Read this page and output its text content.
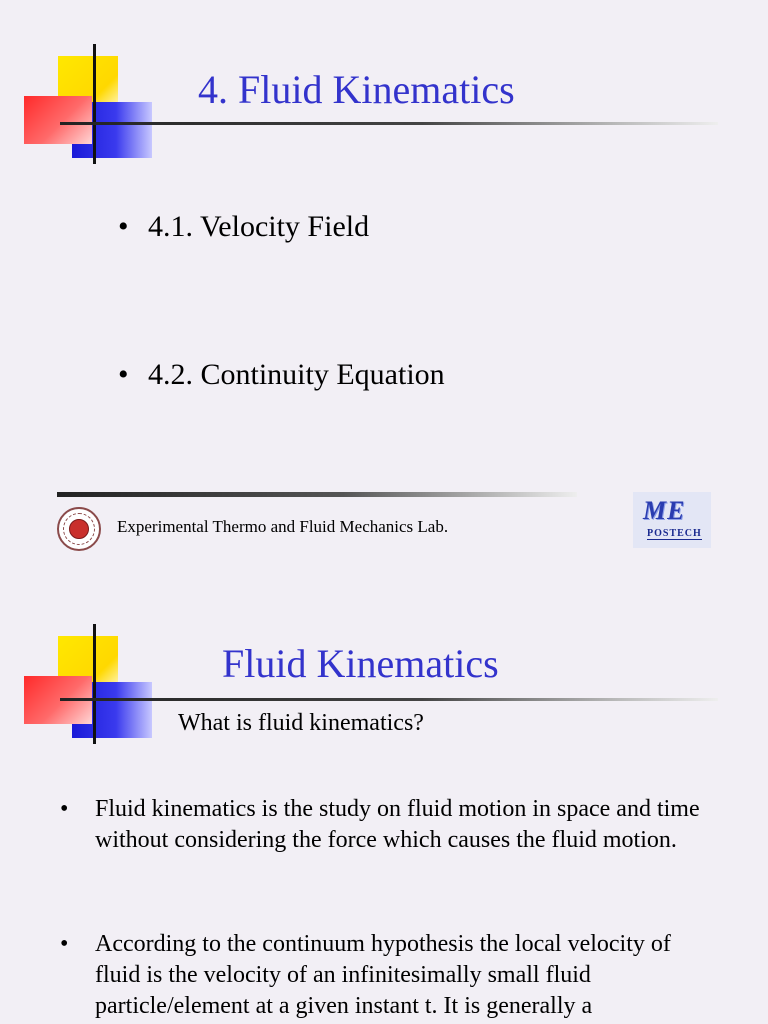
4. Fluid Kinematics
• 4.1. Velocity Field
• 4.2. Continuity Equation
Experimental Thermo and Fluid Mechanics Lab.
ME
POSTECH
Fluid Kinematics
What is fluid kinematics?
• Fluid kinematics is the study on fluid motion in space and time without considering the force which causes the fluid motion.
• According to the continuum hypothesis the local velocity of fluid is the velocity of an infinitesimally small fluid particle/element at a given instant t. It is generally a
